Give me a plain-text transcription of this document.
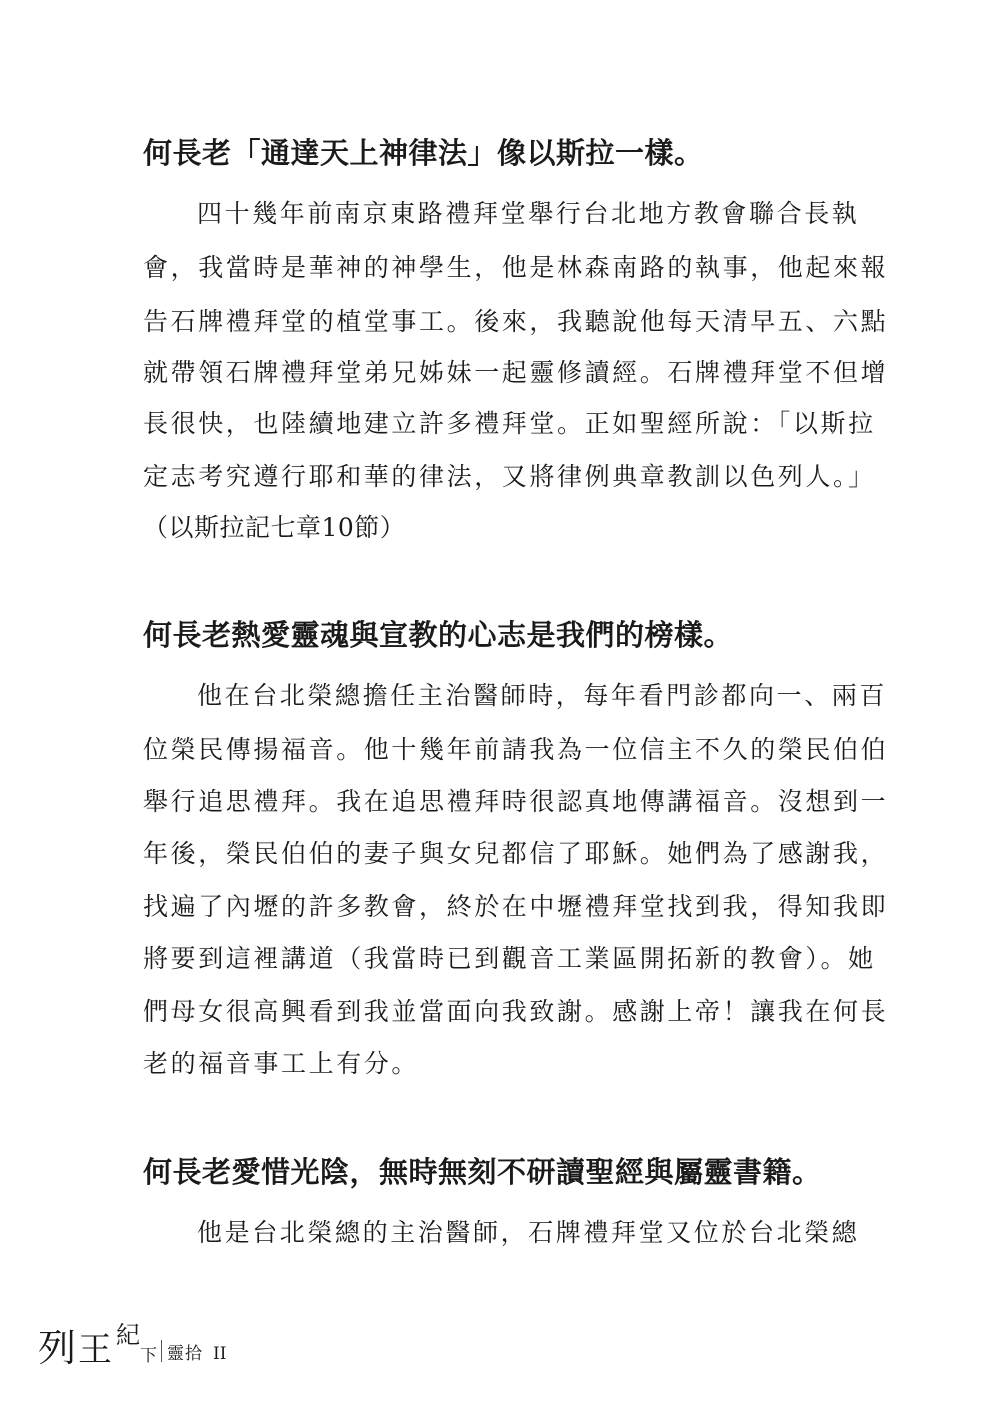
何長老「通達天上神律法」像以斯拉一樣。
四十幾年前南京東路禮拜堂舉行台北地方教會聯合長執
會，我當時是華神的神學生，他是林森南路的執事，他起來報
告石牌禮拜堂的植堂事工。後來，我聽說他每天清早五、六點
就帶領石牌禮拜堂弟兄姊妹一起靈修讀經。石牌禮拜堂不但增
長很快，也陸續地建立許多禮拜堂。正如聖經所說：「以斯拉
定志考究遵行耶和華的律法，又將律例典章教訓以色列人。」
（以斯拉記七章10節）
何長老熱愛靈魂與宣教的心志是我們的榜樣。
他在台北榮總擔任主治醫師時，每年看門診都向一、兩百
位榮民傳揚福音。他十幾年前請我為一位信主不久的榮民伯伯
舉行追思禮拜。我在追思禮拜時很認真地傳講福音。沒想到一
年後，榮民伯伯的妻子與女兒都信了耶穌。她們為了感謝我，
找遍了內壢的許多教會，終於在中壢禮拜堂找到我，得知我即
將要到這裡講道（我當時已到觀音工業區開拓新的教會）。她
們母女很高興看到我並當面向我致謝。感謝上帝！讓我在何長
老的福音事工上有分。
何長老愛惜光陰，無時無刻不研讀聖經與屬靈書籍。
他是台北榮總的主治醫師，石牌禮拜堂又位於台北榮總
列 王 紀
下 靈拾 II
